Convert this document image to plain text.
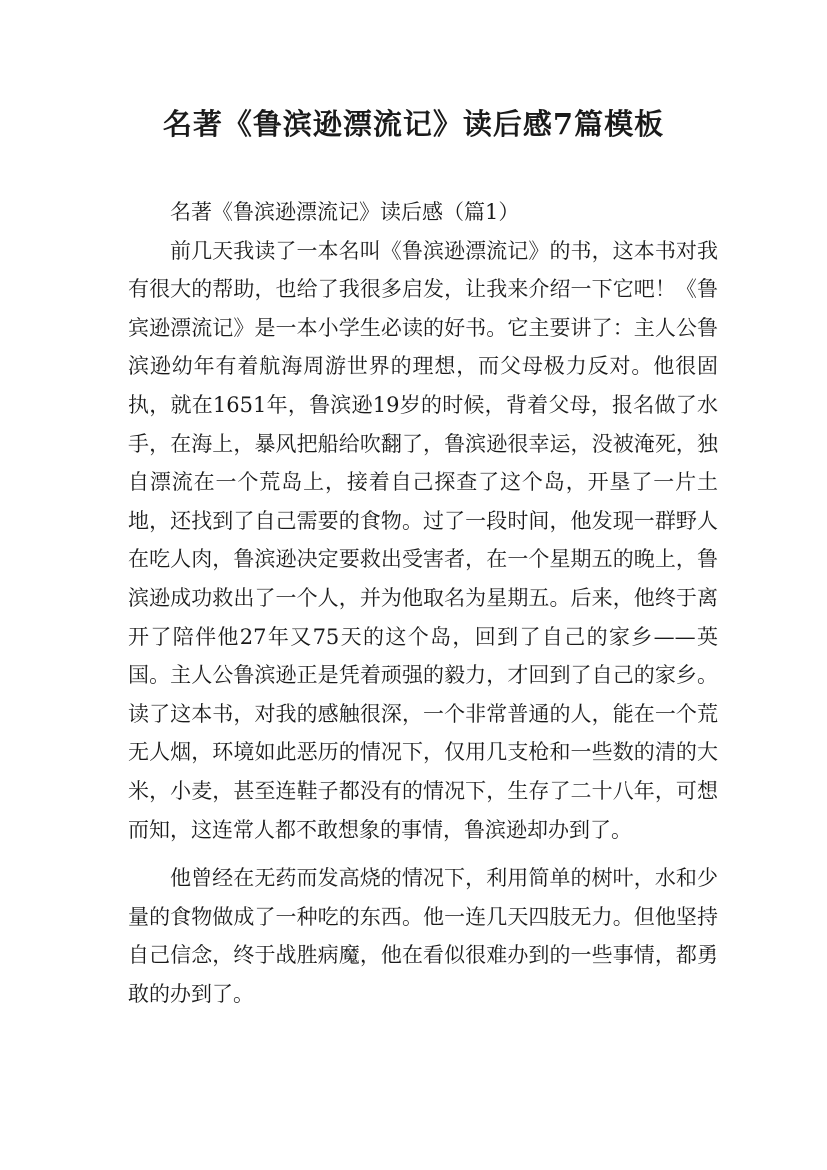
名著《鲁滨逊漂流记》读后感7篇模板

名著《鲁滨逊漂流记》读后感（篇1）

前几天我读了一本名叫《鲁滨逊漂流记》的书，这本书对我有很大的帮助，也给了我很多启发，让我来介绍一下它吧！《鲁宾逊漂流记》是一本小学生必读的好书。它主要讲了：主人公鲁滨逊幼年有着航海周游世界的理想，而父母极力反对。他很固执，就在1651年，鲁滨逊19岁的时候，背着父母，报名做了水手，在海上，暴风把船给吹翻了，鲁滨逊很幸运，没被淹死，独自漂流在一个荒岛上，接着自己探查了这个岛，开垦了一片土地，还找到了自己需要的食物。过了一段时间，他发现一群野人在吃人肉，鲁滨逊决定要救出受害者，在一个星期五的晚上，鲁滨逊成功救出了一个人，并为他取名为星期五。后来，他终于离开了陪伴他27年又75天的这个岛，回到了自己的家乡——英国。主人公鲁滨逊正是凭着顽强的毅力，才回到了自己的家乡。读了这本书，对我的感触很深，一个非常普通的人，能在一个荒无人烟，环境如此恶历的情况下，仅用几支枪和一些数的清的大米，小麦，甚至连鞋子都没有的情况下，生存了二十八年，可想而知，这连常人都不敢想象的事情，鲁滨逊却办到了。

他曾经在无药而发高烧的情况下，利用简单的树叶，水和少量的食物做成了一种吃的东西。他一连几天四肢无力。但他坚持自己信念，终于战胜病魔，他在看似很难办到的一些事情，都勇敢的办到了。
